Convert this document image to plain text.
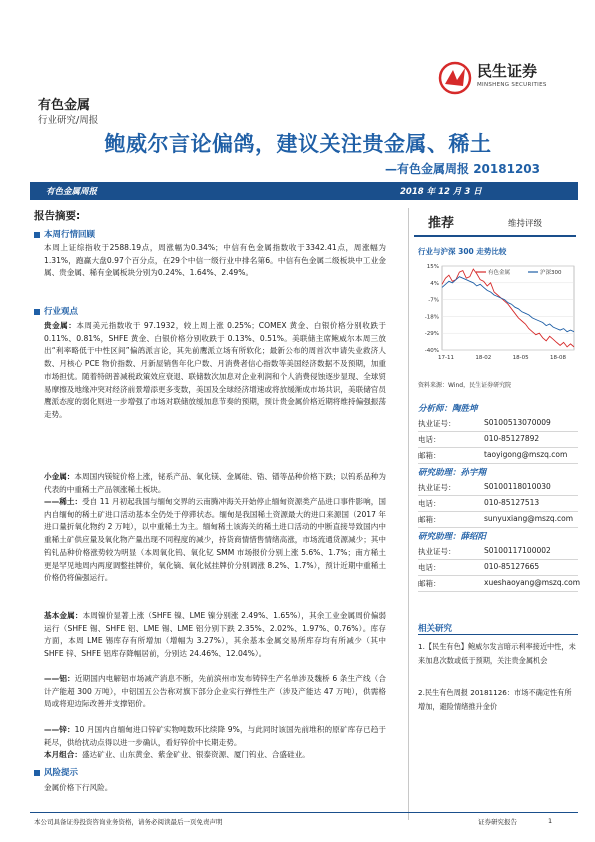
民生证券
MINSHENG SECURITIES
有色金属
行业研究/周报
鲍威尔言论偏鸽，建议关注贵金属、稀土
—有色金属周报 20181203
有色金属周报	2018 年 12 月 3 日
报告摘要:
本周行情回顾
本周上证综指收于2588.19点，周涨幅为0.34%；中信有色金属指数收于3342.41点，周涨幅为1.31%，跑赢大盘0.97个百分点，在29个中信一级行业中排名第6。中信有色金属二级板块中工业金属、贵金属、稀有金属板块分别为0.24%、1.64%、2.49%。
行业观点
贵金属：本周美元指数收于 97.1932，较上周上涨 0.25%；COMEX 黄金、白银价格分别收跌于 0.11%、0.81%，SHFE 黄金、白银价格分别收跌于 0.13%、0.51%。美联储主席鲍威尔本周三放出“利率略低于中性区间”偏鸽派言论，其先前鹰派立场有所软化；最新公布的周首次申请失业救济人数、月核心 PCE 物价指数、月新屋销售年化户数、月消费者信心指数等美国经济数据不及预期，加重市场担忧。随着特朗普减税政策效应衰退、联储数次加息对企业利润和个人消费侵蚀逐步显现、全球贸易摩擦及地缘冲突对经济前景增添更多变数，美国及全球经济增速或将放缓渐成市场共识，美联储官员鹰派态度的弱化则进一步增强了市场对联储放缓加息节奏的预期，预计贵金属价格近期将维持偏强振荡走势。
小金属：本周国内镁锭价格上涨，铋系产品、氧化镁、金属硅、锆、镨等品种价格下跌；以钨系品种为代表的中重稀土产品领涨稀土板块。
——稀土：受自 11 月初起我国与缅甸交界的云南腾冲海关开始停止缅甸资源类产品进口事件影响，国内自缅甸的稀土矿进口活动基本全仍处于停滞状态。缅甸是我国稀土资源最大的进口来源国（2017 年进口量折氧化物约 2 万吨），以中重稀土为主。缅甸稀土该海关的稀土进口活动的中断直接导致国内中重稀土矿供应量及氧化物产量出现不同程度的减少，持货商情惜售情绪高涨，市场流通货源减少；其中钨钆品种价格涨势较为明显（本周氧化钨、氧化钇 SMM 市场报价分别上涨 5.6%、1.7%；南方稀土更是罕见地周内两度调整挂牌价，氧化镝、氧化铽挂牌价分别调涨 8.2%、1.7%），预计近期中重稀土价格仍将偏强运行。
基本金属：本周镍价显著上涨（SHFE 镍、LME 镍分别涨 2.49%、1.65%），其余工业金属周价偏弱运行（SHFE 锡、SHFE 铝、LME 锡、LME 铝分别下跌 2.35%、2.02%、1.97%、0.76%）。库存方面，本周 LME 锡库存有所增加（增幅为 3.27%），其余基本金属交易所库存均有所减少（其中 SHFE 锌、SHFE 铝库存降幅居前，分别达 24.46%、12.04%）。
——铝：近期国内电解铝市场减产消息不断，先前滨州市发布铸锌生产名单涉及魏桥 6 条生产线（合计产能超 300 万吨），中铝国五公告称对旗下部分企业实行弹性生产（涉及产能达 47 万吨），供需格局或将迎边际改善并支撑铝价。
——锌：10 月国内自缅甸进口锌矿实物吨数环比续降 9%，与此同时该国先前堆积的原矿库存已趋于耗尽，供给扰动点得以进一步确认，看好锌价中长期走势。
本月组合：盛达矿业、山东黄金、紫金矿业、银泰资源、厦门钨业、合盛硅业。
风险提示
金属价格下行风险。
推荐	维持评级
行业与沪深 300 走势比较
15%
4%
-7%
-18%
-29%
-40%
17-11	18-02	18-05	18-08
有色金属	沪深300
资料来源：Wind，民生证券研究院
分析师：陶胜坤
执业证号：	S0100513070009
电话：	010-85127892
邮箱：	taoyigong@mszq.com
研究助理：孙宇翔
执业证号：	S0100118010030
电话：	010-85127513
邮箱：	sunyuxiang@mszq.com
研究助理：薛绍阳
执业证号：	S0100117100002
电话：	010-85127665
邮箱：	xueshaoyang@mszq.com
相关研究
1.【民生有色】鲍威尔发言暗示利率接近中性，未来加息次数或低于预期，关注贵金属机会
2.民生有色周报 20181126：市场不确定性有所增加，避险情绪推升金价
本公司具备证券投资咨询业务资格，请务必阅读最后一页免责声明	证券研究报告	1
